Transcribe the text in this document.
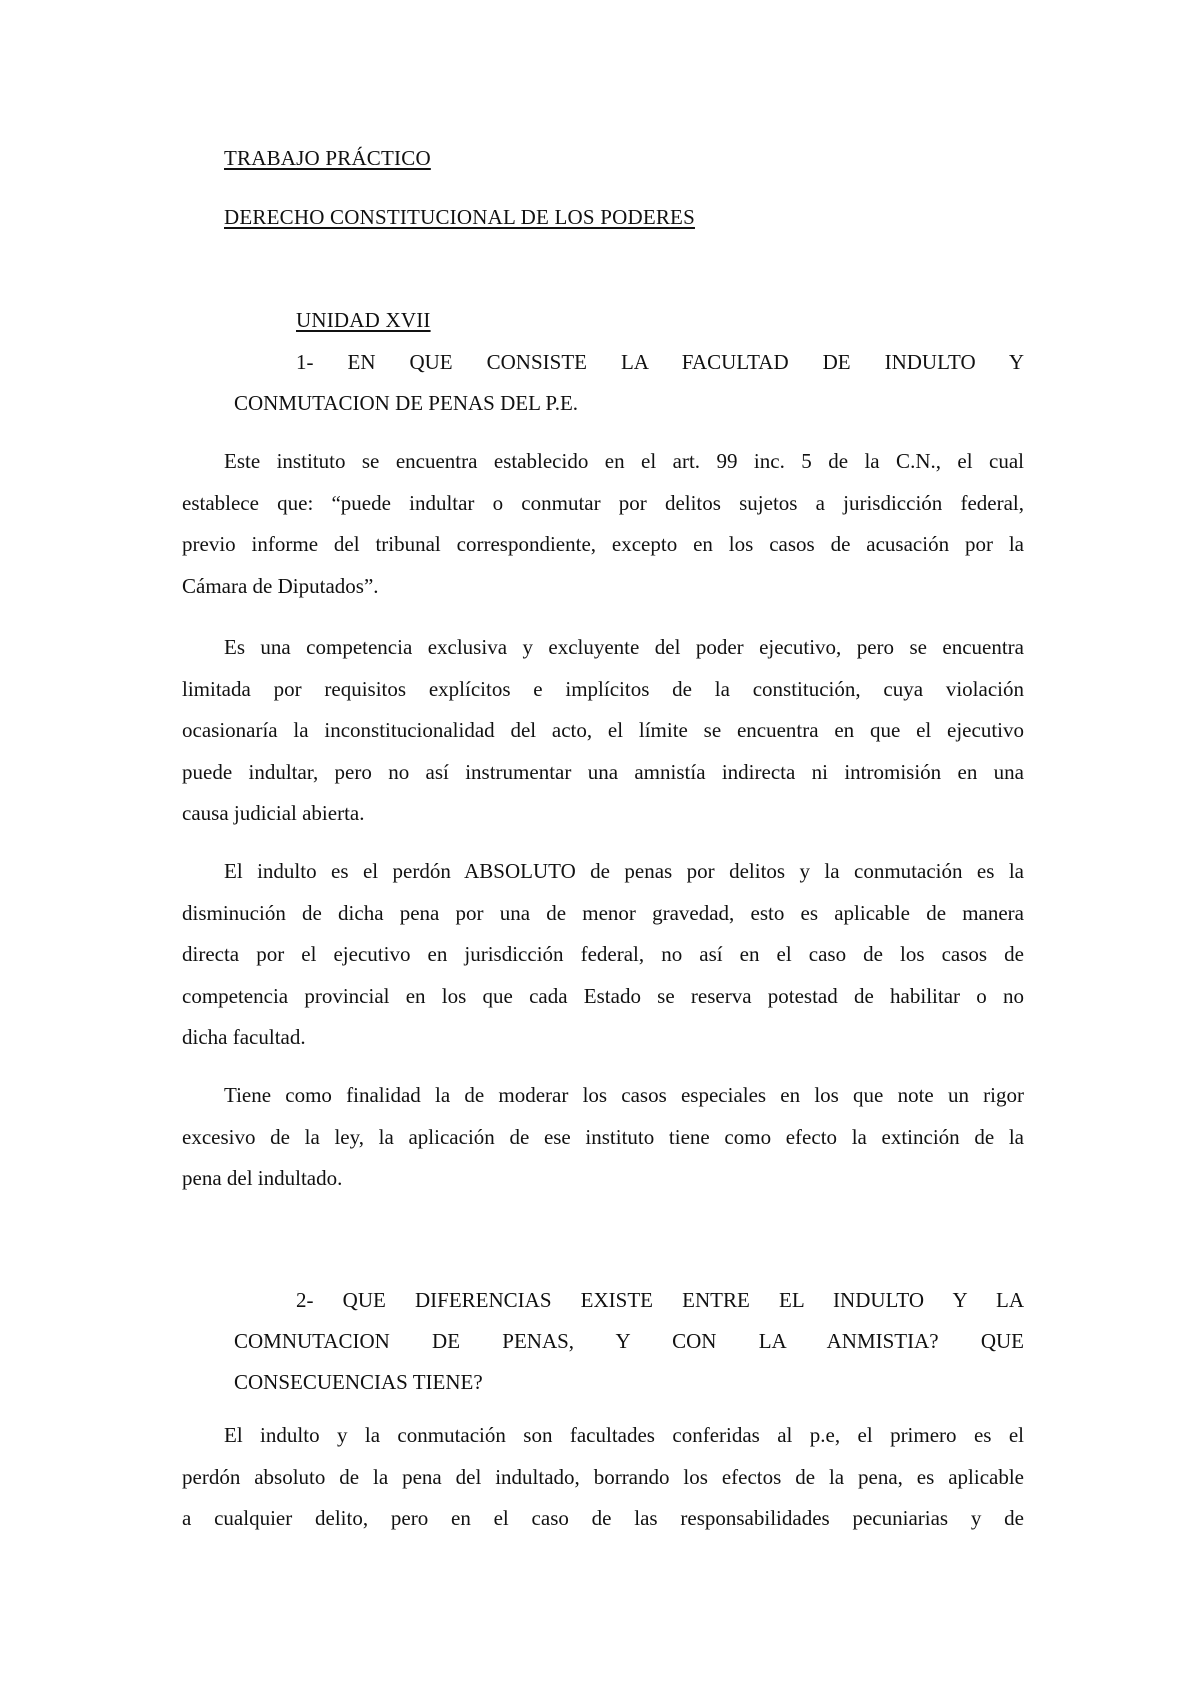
TRABAJO PRÁCTICO
DERECHO CONSTITUCIONAL DE LOS PODERES
UNIDAD XVII
1- EN QUE CONSISTE LA FACULTAD DE INDULTO Y
CONMUTACION DE PENAS DEL P.E.
Este instituto se encuentra establecido en el art. 99 inc. 5 de la C.N., el cual
establece que: “puede indultar o conmutar por delitos sujetos a jurisdicción federal,
previo informe del tribunal correspondiente, excepto en los casos de acusación por la
Cámara de Diputados”.
Es una competencia exclusiva y excluyente del poder ejecutivo, pero se encuentra
limitada por requisitos explícitos e implícitos de la constitución, cuya violación
ocasionaría la inconstitucionalidad del acto, el límite se encuentra en que el ejecutivo
puede indultar, pero no así instrumentar una amnistía indirecta ni intromisión en una
causa judicial abierta.
El indulto es el perdón ABSOLUTO de penas por delitos y la conmutación es la
disminución de dicha pena por una de menor gravedad, esto es aplicable de manera
directa por el ejecutivo en jurisdicción federal, no así en el caso de los casos de
competencia provincial en los que cada Estado se reserva potestad de habilitar o no
dicha facultad.
Tiene como finalidad la de moderar los casos especiales en los que note un rigor
excesivo de la ley, la aplicación de ese instituto tiene como efecto la extinción de la
pena del indultado.
2- QUE DIFERENCIAS EXISTE ENTRE EL INDULTO Y LA
COMNUTACION DE PENAS, Y CON LA ANMISTIA? QUE
CONSECUENCIAS TIENE?
El indulto y la conmutación son facultades conferidas al p.e, el primero es el
perdón absoluto de la pena del indultado, borrando los efectos de la pena, es aplicable
a cualquier delito, pero en el caso de las responsabilidades pecuniarias y de
